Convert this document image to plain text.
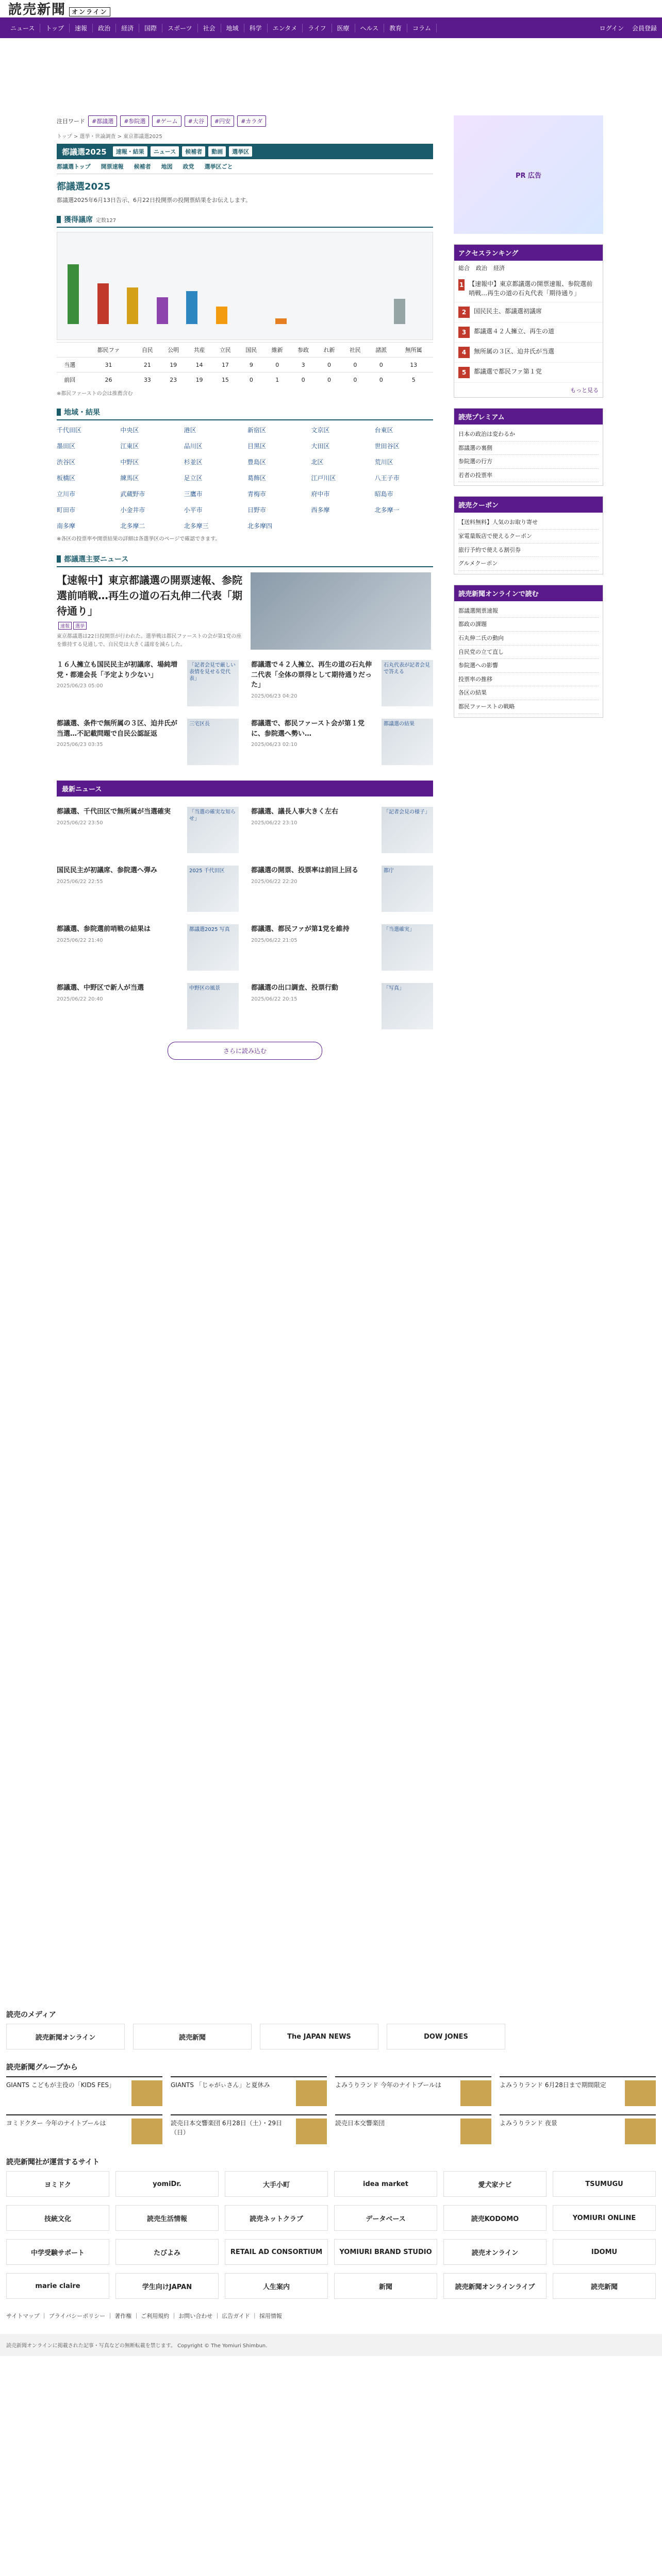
読売新聞 オンライン
ニュース	トップ	速報	政治	経済	国際	スポーツ	社会	地域	科学	エンタメ	ライフ	医療	ヘルス	教育	コラム	ログイン 会員登録
注目ワード	#都議選	#参院選	#ゲーム	#大谷	#円安	#カラダ
トップ > 選挙・世論調査 > 東京都議選2025
都議選2025	速報・結果	ニュース	候補者	動画	選挙区
都議選トップ 開票速報 候補者 地図 政党 選挙区ごと
都議選2025

都議選2025年6月13日告示、6月22日投開票の投開票結果をお伝えします。

獲得議席 定数127
	都民ファ	自民	公明	共産	立民	国民	維新	参政	れ新	社民	諸派	無所属
当選	31	21	19	14	17	9	0	3	0	0	0	13
前回	26	33	23	19	15	0	1	0	0	0	0	5

※都民ファーストの会は推薦含む

地域・結果
千代田区	中央区	港区	新宿区	文京区	台東区
墨田区	江東区	品川区	目黒区	大田区	世田谷区
渋谷区	中野区	杉並区	豊島区	北区	荒川区
板橋区	練馬区	足立区	葛飾区	江戸川区	八王子市
立川市	武蔵野市	三鷹市	青梅市	府中市	昭島市
町田市	小金井市	小平市	日野市	西多摩	北多摩一
南多摩	北多摩二	北多摩三	北多摩四

※各区の投票率や開票結果の詳細は各選挙区のページで確認できます。

都議選主要ニュース
【速報中】東京都議選の開票速報、参院選前哨戦…再生の道の石丸伸二代表「期待通り」
速報 選挙
東京都議選は22日投開票が行われた。選挙戦は都民ファーストの会が第1党の座を維持する見通しで、自民党は大きく議席を減らした。
１６人擁立も国民民主が初議席、場純増党・都連会長「予定より少ない」
2025/06/23 05:00
「記者会見で厳しい表情を見せる党代表」
都議選で４２人擁立、再生の道の石丸伸二代表「全体の票得として期待通りだった」
2025/06/23 04:20
石丸代表が記者会見で答える
都議選、条件で無所属の３区、迫井氏が当選…不記載問題で自民公認証返
2025/06/23 03:35
三宅区長	都議選で、都民ファースト会が第１党に、参院選へ勢い…
2025/06/23 02:10
都議選の結果
最新ニュース
都議選、千代田区で無所属が当選確実
2025/06/22 23:50
「当選の確実な知らせ」
都議選、議長人事大きく左右
2025/06/22 23:10
「記者会見の様子」
国民民主が初議席、参院選へ弾み
2025/06/22 22:55
2025 千代田区	都議選の開票、投票率は前回上回る
2025/06/22 22:20
都庁
都議選、参院選前哨戦の結果は
2025/06/22 21:40
都議選2025 写真	都議選、都民ファが第1党を維持
2025/06/22 21:05
「当選確実」
都議選、中野区で新人が当選
2025/06/22 20:40
中野区の風景	都議選の出口調査、投票行動
2025/06/22 20:15
「写真」
さらに読み込む
PR 広告
アクセスランキング
総合 政治 経済
1 【速報中】東京都議選の開票速報、参院選前哨戦…再生の道の石丸代表「期待通り」
2	国民民主、都議選初議席
3	都議選４２人擁立、再生の道
4	無所属の３区、迫井氏が当選
5	都議選で都民ファ第１党
もっと見る
読売プレミアム
日本の政治は変わるか
都議選の裏側
参院選の行方
若者の投票率
読売クーポン
【送料無料】人気のお取り寄せ
家電量販店で使えるクーポン
旅行予約で使える割引券
グルメクーポン
読売新聞オンラインで読む
都議選開票速報
都政の課題
石丸伸二氏の動向
自民党の立て直し
参院選への影響
投票率の推移
各区の結果
都民ファーストの戦略
読売のメディア
読売新聞オンライン	読売新聞	The JAPAN NEWS	DOW JONES
読売新聞グループから
GIANTS こどもが主役の「KIDS FES」	GIANTS 「じゃがぃさん」と夏休み	よみうりランド 今年のナイトプールは	よみうりランド 6月28日まで期間限定
ヨミドクター 今年のナイトプールは	読売日本交響楽団 6月28日（土）・29日（日）
読売日本交響楽団	よみうりランド 夜景
読売新聞社が運営するサイト
ヨミドク	yomiDr.	大手小町	idea market	愛犬家ナビ	TSUMUGU
技統文化	読売生活情報	読売ネットクラブ	データベース	読売KODOMO	YOMIURI ONLINE
中学受験サポート	たびよみ	RETAIL AD CONSORTIUM	YOMIURI BRAND STUDIO	読売オンライン	IDOMU
marie claire	学生向けJAPAN	人生案内	新聞	読売新聞オンラインライブ	読売新聞
サイトマップ ｜ プライバシーポリシー ｜ 著作権 ｜ ご利用規約 ｜ お問い合わせ ｜ 広告ガイド ｜ 採用情報
読売新聞オンラインに掲載された記事・写真などの無断転載を禁じます。 Copyright © The Yomiuri Shimbun.
